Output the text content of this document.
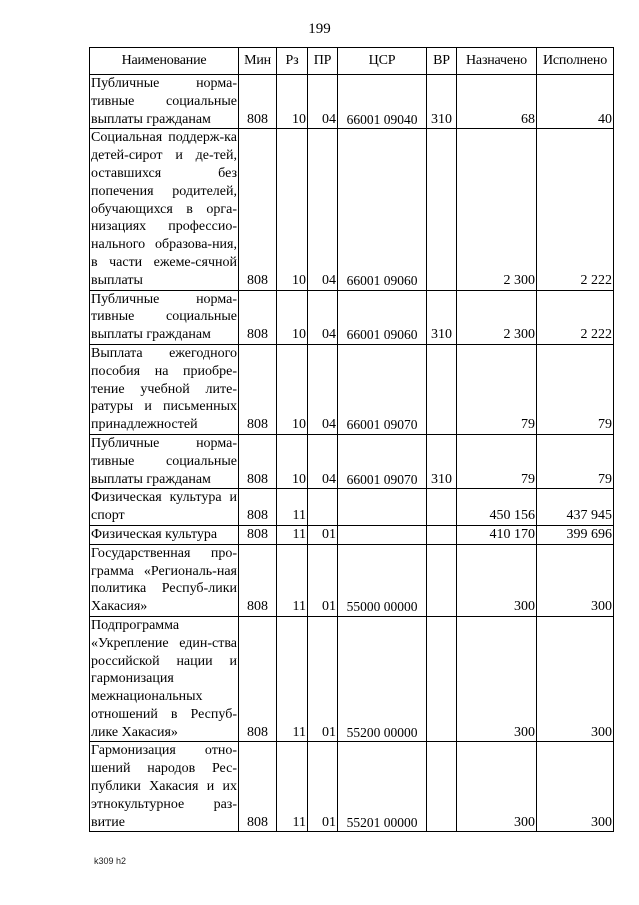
199
Наименование	Мин	Рз	ПР	ЦСР	ВР	Назначено	Исполнено
Публичные норма-тивные социальные выплаты гражданам	808	10	04	66001 09040	310	68	40
Социальная поддерж-ка детей-сирот и де-тей, оставшихся без попечения родителей, обучающихся в орга-низациях профессио-нального образова-ния, в части ежеме-сячной выплаты	808	10	04	66001 09060		2 300	2 222
Публичные норма-тивные социальные выплаты гражданам	808	10	04	66001 09060	310	2 300	2 222
Выплата ежегодного пособия на приобре-тение учебной лите-ратуры и письменных принадлежностей	808	10	04	66001 09070		79	79
Публичные норма-тивные социальные выплаты гражданам	808	10	04	66001 09070	310	79	79
Физическая культура и спорт	808	11				450 156	437 945
Физическая культура	808	11	01			410 170	399 696
Государственная про-грамма «Региональ-ная политика Респуб-лики Хакасия»	808	11	01	55000 00000		300	300
Подпрограмма «Укрепление един-ства российской нации и гармонизация межнациональных отношений в Респуб-лике Хакасия»	808	11	01	55200 00000		300	300
Гармонизация отно-шений народов Рес-публики Хакасия и их этнокультурное раз-витие	808	11	01	55201 00000		300	300
k309 h2
